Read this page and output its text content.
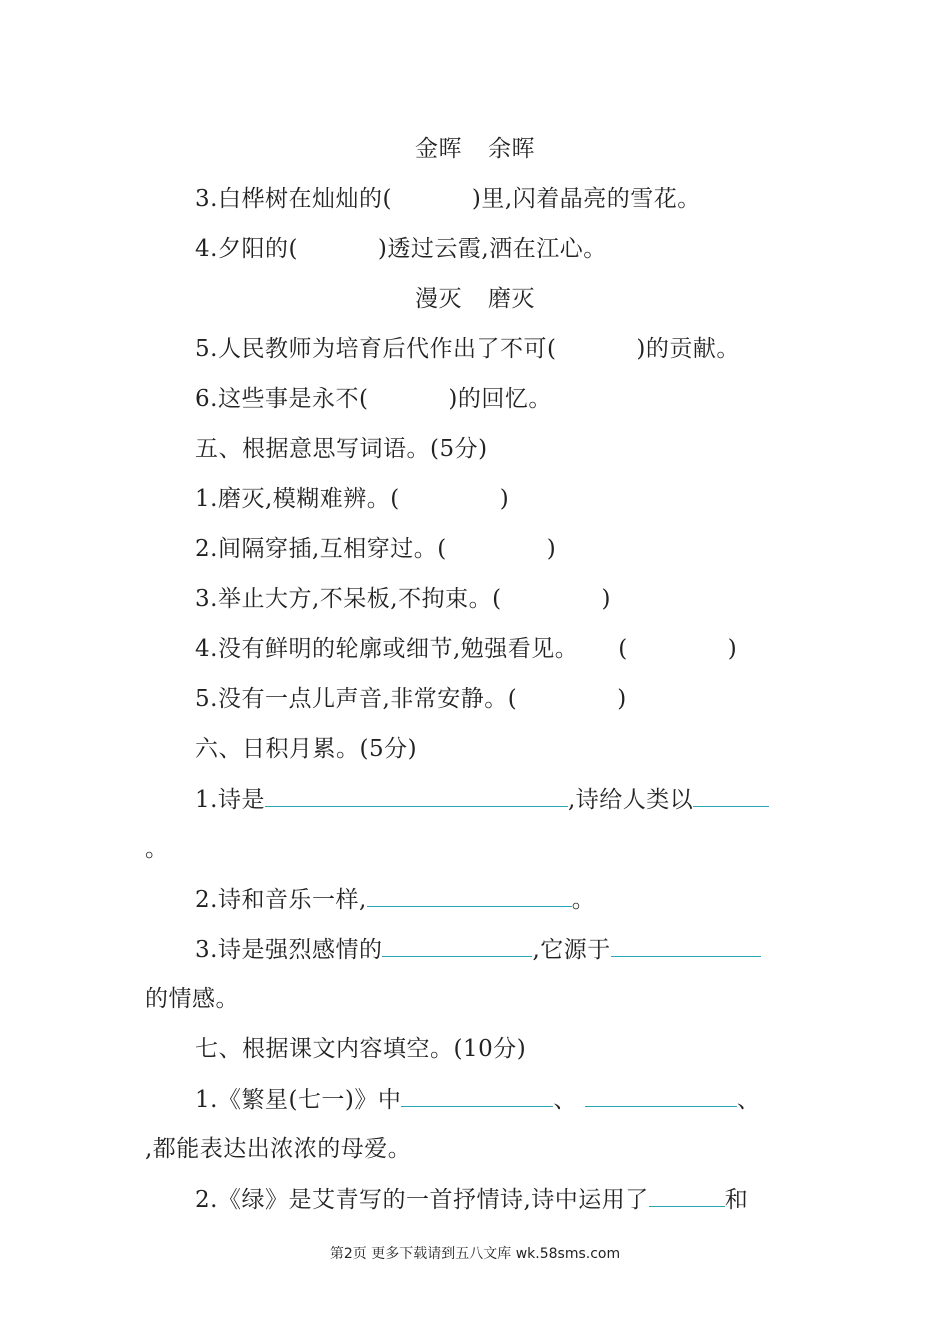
金晖 余晖
3.白桦树在灿灿的(	)里,闪着晶亮的雪花。
4.夕阳的(	)透过云霞,洒在江心。
漫灭 磨灭
5.人民教师为培育后代作出了不可(	)的贡献。
6.这些事是永不(	)的回忆。
五、根据意思写词语。(5分)
1.磨灭,模糊难辨。(	)
2.间隔穿插,互相穿过。(	)
3.举止大方,不呆板,不拘束。(	)
4.没有鲜明的轮廓或细节,勉强看见。 (	)
5.没有一点儿声音,非常安静。(	)
六、日积月累。(5分)
1.诗是	,诗给人类以
。
2.诗和音乐一样,	。
3.诗是强烈感情的	,它源于
的情感。
七、根据课文内容填空。(10分)
1.《繁星(七一)》中	、	、
,都能表达出浓浓的母爱。
2.《绿》是艾青写的一首抒情诗,诗中运用了	和
第2页 更多下载请到五八文库 wk.58sms.com
